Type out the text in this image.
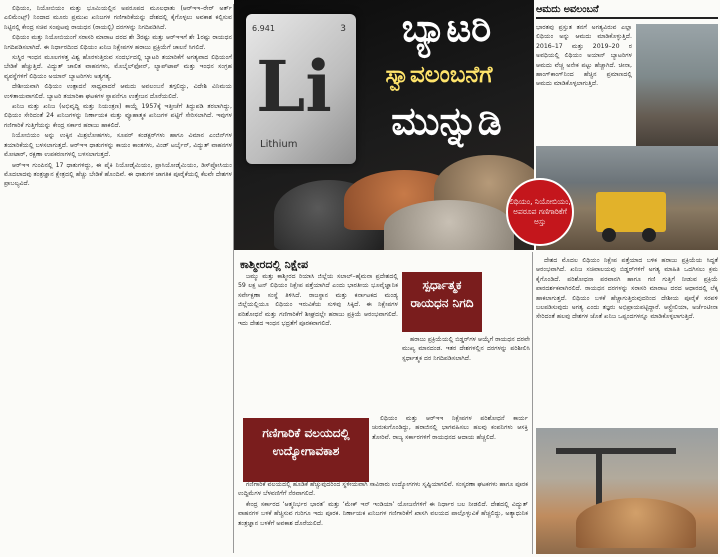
ಲಿಥಿಯಂ, ನಿಯೋಬಿಯಂ ಮತ್ತು ಭೂಮಿಯಲ್ಲಿನ ಅಪರೂಪದ ಮೂಲಧಾತು (ಆರ್‌ಇಇ–ರೇರ್ ಅರ್ತ್ ಎಲಿಮೆಂಟ್ಸ್) ನಿಂದಾದ ಮೂರು ಪ್ರಮುಖ ಖನಿಜಗಳ ಗಣಿಗಾರಿಕೆಯನ್ನು ದೇಶದಲ್ಲಿ ಕೈಗೊಳ್ಳಲು ಅವಕಾಶ ಕಲ್ಪಿಸುವ ನಿಟ್ಟಿನಲ್ಲಿ ಕೇಂದ್ರ ಸಚಿವ ಸಂಪುಟವು ರಾಯಧನ (ರಾಯಲ್ಟಿ) ದರಗಳನ್ನು ನಿಗದಿಪಡಿಸಿದೆ.

ಲಿಥಿಯಂ ಮತ್ತು ನಿಯೋಬಿಯಂಗೆ ಸರಾಸರಿ ಮಾರಾಟ ದರದ ಶೇ 3ರಷ್ಟು ಮತ್ತು ಆರ್‌ಇಇಗೆ ಶೇ 1ರಷ್ಟು ರಾಯಧನ ನಿಗದಿಪಡಿಸಲಾಗಿದೆ. ಈ ನಿರ್ಧಾರದಿಂದ ಲಿಥಿಯಂ ಖನಿಜ ನಿಕ್ಷೇಪಗಳ ಹರಾಜು ಪ್ರಕ್ರಿಯೆಗೆ ಚಾಲನೆ ಸಿಗಲಿದೆ.

ಸುಸ್ಥಿರ ಇಂಧನ ಮೂಲಗಳತ್ತ ವಿಶ್ವ ಹೊರಳುತ್ತಿರುವ ಸಂದರ್ಭದಲ್ಲಿ ಬ್ಯಾಟರಿ ತಯಾರಿಕೆಗೆ ಅಗತ್ಯವಾದ ಲಿಥಿಯಂಗೆ ಬೇಡಿಕೆ ಹೆಚ್ಚುತ್ತಿದೆ. ವಿದ್ಯುತ್ ಚಾಲಿತ ವಾಹನಗಳು, ಮೊಬೈಲ್‌ಫೋನ್, ಲ್ಯಾಪ್‌ಟಾಪ್ ಮತ್ತು ಇಂಧನ ಸಂಗ್ರಹ ವ್ಯವಸ್ಥೆಗಳಿಗೆ ಲಿಥಿಯಂ ಅಯಾನ್ ಬ್ಯಾಟರಿಗಳು ಅತ್ಯಗತ್ಯ.

ದೇಶೀಯವಾಗಿ ಲಿಥಿಯಂ ಉತ್ಪಾದನೆ ಸಾಧ್ಯವಾದರೆ ಆಮದು ಅವಲಂಬನೆ ತಗ್ಗಲಿದ್ದು, ವಿದೇಶಿ ವಿನಿಮಯ ಉಳಿತಾಯವಾಗಲಿದೆ. ಬ್ಯಾಟರಿ ತಯಾರಿಕಾ ಘಟಕಗಳ ಸ್ಥಾಪನೆಗೂ ಉತ್ತೇಜನ ದೊರೆಯಲಿದೆ.

ಖನಿಜ ಮತ್ತು ಖನಿಜ (ಅಭಿವೃದ್ಧಿ ಮತ್ತು ನಿಯಂತ್ರಣ) ಕಾಯ್ದೆ 1957ಕ್ಕೆ ಇತ್ತೀಚೆಗೆ ತಿದ್ದುಪಡಿ ತರಲಾಗಿದ್ದು, ಲಿಥಿಯಂ ಸೇರಿದಂತೆ 24 ಖನಿಜಗಳನ್ನು ನಿರ್ಣಾಯಕ ಮತ್ತು ವ್ಯೂಹಾತ್ಮಕ ಖನಿಜಗಳ ಪಟ್ಟಿಗೆ ಸೇರಿಸಲಾಗಿದೆ. ಇವುಗಳ ಗಣಿಗಾರಿಕೆ ಗುತ್ತಿಗೆಯನ್ನು ಕೇಂದ್ರ ಸರ್ಕಾರ ಹರಾಜು ಹಾಕಲಿದೆ.

ನಿಯೋಬಿಯಂ ಅನ್ನು ಉಕ್ಕಿನ ಮಿಶ್ರಲೋಹಗಳು, ಸೂಪರ್ ಕಂಡಕ್ಟರ್‌ಗಳು ಹಾಗೂ ವಿಮಾನ ಎಂಜಿನ್‌ಗಳ ತಯಾರಿಕೆಯಲ್ಲಿ ಬಳಸಲಾಗುತ್ತದೆ. ಆರ್‌ಇಇ ಧಾತುಗಳನ್ನು ಕಾಯಂ ಕಾಂತಗಳು, ವಿಂಡ್ ಟರ್ಬೈನ್, ವಿದ್ಯುತ್ ವಾಹನಗಳ ಮೋಟಾರ್, ರಕ್ಷಣಾ ಉಪಕರಣಗಳಲ್ಲಿ ಬಳಸಲಾಗುತ್ತದೆ.

ಆರ್‌ಇಇ ಗುಂಪಿನಲ್ಲಿ 17 ಧಾತುಗಳಿದ್ದು, ಈ ಪೈಕಿ ನಿಯೋಡೈಮಿಯಂ, ಪ್ರಾಸಿಯೋಡೈಮಿಯಂ, ಡಿಸ್‌ಪ್ರೋಸಿಯಂ ಮೊದಲಾದವು ತಂತ್ರಜ್ಞಾನ ಕ್ಷೇತ್ರದಲ್ಲಿ ಹೆಚ್ಚು ಬೇಡಿಕೆ ಹೊಂದಿವೆ. ಈ ಧಾತುಗಳ ಜಾಗತಿಕ ಪೂರೈಕೆಯಲ್ಲಿ ಕೆಲವೇ ದೇಶಗಳ ಪ್ರಾಬಲ್ಯವಿದೆ.

6.941	3
Li
Lithium
ಬ್ಯಾಟರಿ
ಸ್ವಾವಲಂಬನೆಗೆ
ಮುನ್ನುಡಿ
ಲಿಥಿಯಂ, ನಿಯೋಬಿಯಂ, ಅಪರೂಪ ಗಣಿಗಾರಿಕೆಗೆ ಅಸ್ತು
ಆಮದು ಅವಲಂಬನೆ
ಭಾರತವು ಪ್ರಸ್ತುತ ತನಗೆ ಅಗತ್ಯವಿರುವ ಎಲ್ಲಾ ಲಿಥಿಯಂ ಅನ್ನು ಆಮದು ಮಾಡಿಕೊಳ್ಳುತ್ತಿದೆ. 2016–17 ಮತ್ತು 2019–20 ರ ಅವಧಿಯಲ್ಲಿ ಲಿಥಿಯಂ ಅಯಾನ್ ಬ್ಯಾಟರಿಗಳ ಆಮದು ವೆಚ್ಚ ಅನೇಕ ಪಟ್ಟು ಹೆಚ್ಚಾಗಿದೆ. ಚೀನಾ, ಹಾಂಗ್‌ಕಾಂಗ್‌ನಿಂದ ಹೆಚ್ಚಿನ ಪ್ರಮಾಣದಲ್ಲಿ ಆಮದು ಮಾಡಿಕೊಳ್ಳಲಾಗುತ್ತಿದೆ.
ಕಾಶ್ಮೀರದಲ್ಲಿ ನಿಕ್ಷೇಪ

ಜಮ್ಮು ಮತ್ತು ಕಾಶ್ಮೀರದ ರಿಯಾಸಿ ಜಿಲ್ಲೆಯ ಸಲಾಲ್–ಹೈಮನಾ ಪ್ರದೇಶದಲ್ಲಿ 59 ಲಕ್ಷ ಟನ್ ಲಿಥಿಯಂ ನಿಕ್ಷೇಪ ಪತ್ತೆಯಾಗಿದೆ ಎಂದು ಭಾರತೀಯ ಭೂವೈಜ್ಞಾನಿಕ ಸರ್ವೇಕ್ಷಣಾ ಸಂಸ್ಥೆ ತಿಳಿಸಿದೆ. ರಾಜಸ್ಥಾನ ಮತ್ತು ಕರ್ನಾಟಕದ ಮಂಡ್ಯ ಜಿಲ್ಲೆಯಲ್ಲಿಯೂ ಲಿಥಿಯಂ ಇರುವಿಕೆಯ ಸುಳಿವು ಸಿಕ್ಕಿದೆ. ಈ ನಿಕ್ಷೇಪಗಳ ಪರಿಶೋಧನೆ ಮತ್ತು ಗಣಿಗಾರಿಕೆಗೆ ಶೀಘ್ರದಲ್ಲೇ ಹರಾಜು ಪ್ರಕ್ರಿಯೆ ಆರಂಭವಾಗಲಿದೆ. ಇದು ದೇಶದ ಇಂಧನ ಭದ್ರತೆಗೆ ಪೂರಕವಾಗಲಿದೆ.

ಸ್ಪರ್ಧಾತ್ಮಕ ರಾಯಧನ ನಿಗದಿ

ಹರಾಜು ಪ್ರಕ್ರಿಯೆಯಲ್ಲಿ ಬಿಡ್ಡರ್‌ಗಳ ಆಯ್ಕೆಗೆ ರಾಯಧನ ದರವೇ ಮುಖ್ಯ ಮಾನದಂಡ. ಇತರ ದೇಶಗಳಲ್ಲಿನ ದರಗಳನ್ನು ಪರಿಶೀಲಿಸಿ ಸ್ಪರ್ಧಾತ್ಮಕ ದರ ನಿಗದಿಪಡಿಸಲಾಗಿದೆ.

ಗಣಿಗಾರಿಕೆ ವಲಯದಲ್ಲಿ ಉದ್ಯೋಗಾವಕಾಶ

ಲಿಥಿಯಂ ಮತ್ತು ಆರ್‌ಇಇ ನಿಕ್ಷೇಪಗಳ ಪರಿಶೋಧನೆ ಕಾರ್ಯ ಚುರುಕುಗೊಂಡಿದ್ದು, ಹರಾಜಿನಲ್ಲಿ ಭಾಗವಹಿಸಲು ಹಲವು ಕಂಪನಿಗಳು ಆಸಕ್ತಿ ತೋರಿವೆ. ರಾಜ್ಯ ಸರ್ಕಾರಗಳಿಗೆ ರಾಯಧನದ ಆದಾಯ ಹೆಚ್ಚಲಿದೆ.

ಗಣಿಗಾರಿಕೆ ವಲಯದಲ್ಲಿ ಹೂಡಿಕೆ ಹೆಚ್ಚುವುದರಿಂದ ಸ್ಥಳೀಯವಾಗಿ ಸಾವಿರಾರು ಉದ್ಯೋಗಗಳು ಸೃಷ್ಟಿಯಾಗಲಿವೆ. ಸಂಸ್ಕರಣಾ ಘಟಕಗಳು ಹಾಗೂ ಪೂರಕ ಉದ್ದಿಮೆಗಳ ಬೆಳವಣಿಗೆಗೆ ನೆರವಾಗಲಿದೆ.

ಕೇಂದ್ರ ಸರ್ಕಾರದ ‘ಆತ್ಮನಿರ್ಭರ ಭಾರತ’ ಮತ್ತು ‘ಮೇಕ್ ಇನ್ ಇಂಡಿಯಾ’ ಯೋಜನೆಗಳಿಗೆ ಈ ನಿರ್ಧಾರ ಬಲ ನೀಡಲಿದೆ. ದೇಶದಲ್ಲಿ ವಿದ್ಯುತ್ ವಾಹನಗಳ ಬಳಕೆ ಹೆಚ್ಚಿಸುವ ಗುರಿಗೂ ಇದು ಪೂರಕ. ನಿರ್ಣಾಯಕ ಖನಿಜಗಳ ಗಣಿಗಾರಿಕೆಗೆ ಖಾಸಗಿ ವಲಯದ ಪಾಲ್ಗೊಳ್ಳುವಿಕೆ ಹೆಚ್ಚಲಿದ್ದು, ಅತ್ಯಾಧುನಿಕ ತಂತ್ರಜ್ಞಾನ ಬಳಕೆಗೆ ಅವಕಾಶ ದೊರೆಯಲಿದೆ.

ದೇಶದ ಮೊದಲ ಲಿಥಿಯಂ ನಿಕ್ಷೇಪ ಪತ್ತೆಯಾದ ಬಳಿಕ ಹರಾಜು ಪ್ರಕ್ರಿಯೆಯ ಸಿದ್ಧತೆ ಆರಂಭವಾಗಿದೆ. ಖನಿಜ ಸಚಿವಾಲಯವು ಬಿಡ್ಡರ್‌ಗಳಿಗೆ ಅಗತ್ಯ ಮಾಹಿತಿ ಒದಗಿಸಲು ಕ್ರಮ ಕೈಗೊಂಡಿದೆ. ಪರಿಶೋಧನಾ ಪರವಾನಗಿ ಹಾಗೂ ಗಣಿ ಗುತ್ತಿಗೆ ನೀಡುವ ಪ್ರಕ್ರಿಯೆ ಪಾರದರ್ಶಕವಾಗಿರಲಿದೆ. ರಾಯಧನ ದರಗಳನ್ನು ಸರಾಸರಿ ಮಾರಾಟ ದರದ ಆಧಾರದಲ್ಲಿ ಲೆಕ್ಕ ಹಾಕಲಾಗುತ್ತದೆ. ಲಿಥಿಯಂ ಬಳಕೆ ಹೆಚ್ಚಾಗುತ್ತಿರುವುದರಿಂದ ದೇಶೀಯ ಪೂರೈಕೆ ಸರಪಳಿ ಬಲಪಡಿಸುವುದು ಅಗತ್ಯ ಎಂದು ತಜ್ಞರು ಅಭಿಪ್ರಾಯಪಟ್ಟಿದ್ದಾರೆ. ಆಸ್ಟ್ರೇಲಿಯಾ, ಅರ್ಜೆಂಟೀನಾ ಸೇರಿದಂತೆ ಹಲವು ದೇಶಗಳ ಜೊತೆ ಖನಿಜ ಒಪ್ಪಂದಗಳನ್ನೂ ಮಾಡಿಕೊಳ್ಳಲಾಗುತ್ತಿದೆ.
